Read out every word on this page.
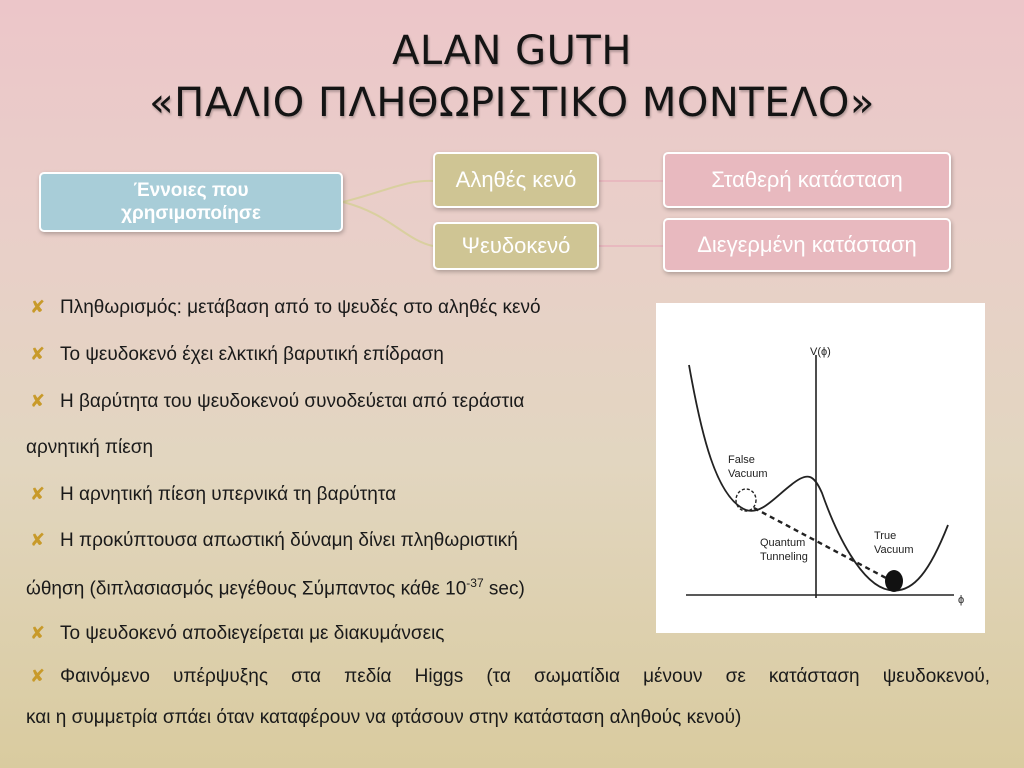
ALAN GUTH
«ΠΑΛΙΟ ΠΛΗΘΩΡΙΣΤΙΚΟ ΜΟΝΤΕΛΟ»
Έννοιες που
χρησιμοποίησε
Αληθές κενό
Ψευδοκενό
Σταθερή κατάσταση
Διεγερμένη κατάσταση
✘ Πληθωρισμός: μετάβαση από το ψευδές στο αληθές κενό
✘ Το ψευδοκενό έχει ελκτική βαρυτική επίδραση
✘ Η βαρύτητα του ψευδοκενού συνοδεύεται από τεράστια
αρνητική πίεση
✘ Η αρνητική πίεση υπερνικά τη βαρύτητα
✘ Η προκύπτουσα απωστική δύναμη δίνει πληθωριστική
ώθηση (διπλασιασμός μεγέθους Σύμπαντος κάθε $10^{-37}$ sec)
✘ Το ψευδοκενό αποδιεγείρεται με διακυμάνσεις
✘ Φαινόμενο υπέρψυξης στα πεδία Higgs (τα σωματίδια μένουν σε κατάσταση ψευδοκενού,
και η συμμετρία σπάει όταν καταφέρουν να φτάσουν στην κατάσταση αληθούς κενού)
V(ϕ)
ϕ
False
Vacuum
Quantum
Tunneling
True
Vacuum
